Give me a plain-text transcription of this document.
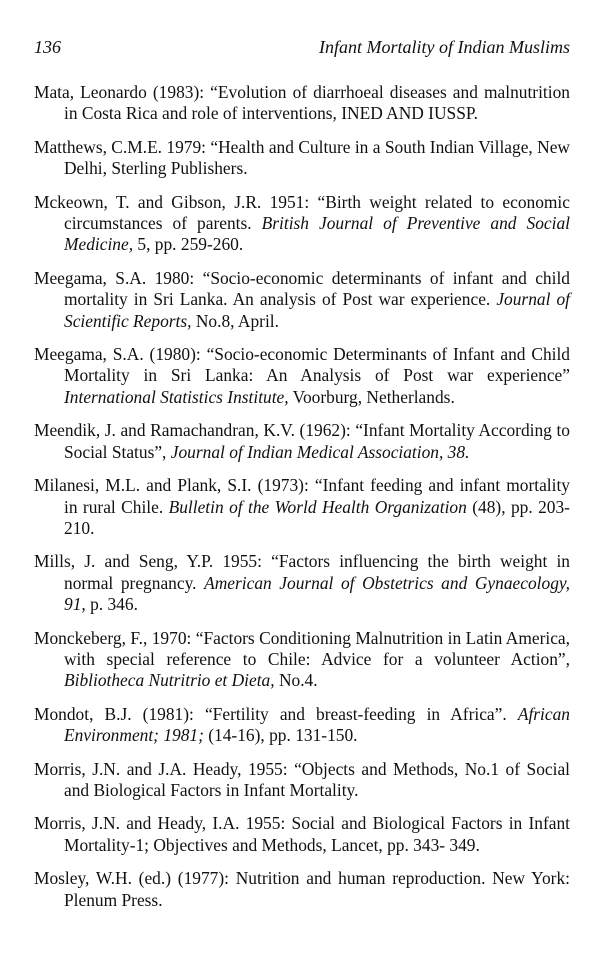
136	Infant Mortality of Indian Muslims

Mata, Leonardo (1983): “Evolution of diarrhoeal diseases and malnutrition in Costa Rica and role of interventions, INED AND IUSSP.

Matthews, C.M.E. 1979: “Health and Culture in a South Indian Village, New Delhi, Sterling Publishers.

Mckeown, T. and Gibson, J.R. 1951: “Birth weight related to economic circumstances of parents. British Journal of Preventive and Social Medicine, 5, pp. 259-260.

Meegama, S.A. 1980: “Socio-economic determinants of infant and child mortality in Sri Lanka. An analysis of Post war experience. Journal of Scientific Reports, No.8, April.

Meegama, S.A. (1980): “Socio-economic Determinants of Infant and Child Mortality in Sri Lanka: An Analysis of Post war experience” International Statistics Institute, Voorburg, Netherlands.

Meendik, J. and Ramachandran, K.V. (1962): “Infant Mortality According to Social Status”, Journal of Indian Medical Association, 38.

Milanesi, M.L. and Plank, S.I. (1973): “Infant feeding and infant mortality in rural Chile. Bulletin of the World Health Organization (48), pp. 203-210.

Mills, J. and Seng, Y.P. 1955: “Factors influencing the birth weight in normal pregnancy. American Journal of Obstetrics and Gynaecology, 91, p. 346.

Monckeberg, F., 1970: “Factors Conditioning Malnutrition in Latin America, with special reference to Chile: Advice for a volunteer Action”, Bibliotheca Nutritrio et Dieta, No.4.

Mondot, B.J. (1981): “Fertility and breast-feeding in Africa”. African Environment; 1981; (14-16), pp. 131-150.

Morris, J.N. and J.A. Heady, 1955: “Objects and Methods, No.1 of Social and Biological Factors in Infant Mortality.

Morris, J.N. and Heady, I.A. 1955: Social and Biological Factors in Infant Mortality-1; Objectives and Methods, Lancet, pp. 343- 349.

Mosley, W.H. (ed.) (1977): Nutrition and human reproduction. New York: Plenum Press.
